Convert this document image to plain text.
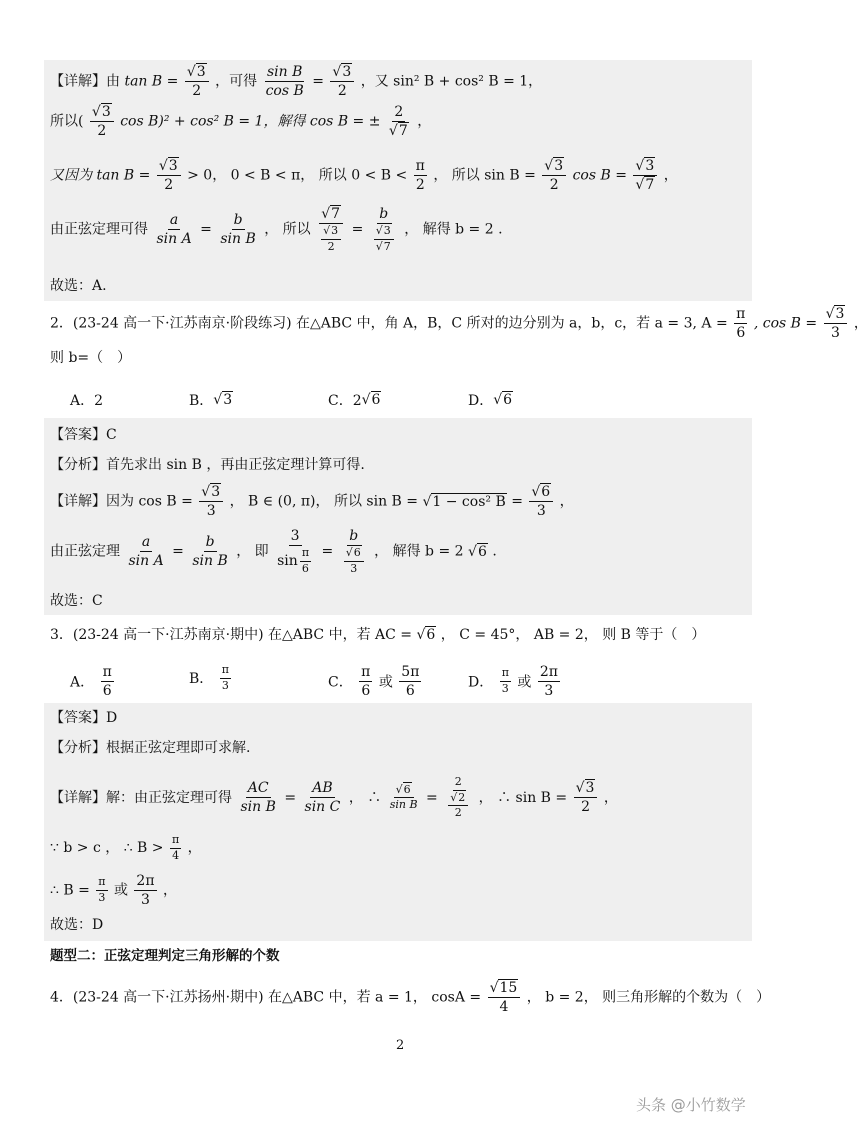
【详解】由 $\tan B = \frac{√3}{2}$ ，可得 $\frac{\text{sin B}}{\text{cos B}} = \frac{√3}{2}$ ，又 sin² B + cos² B = 1，
所以( $\frac{√3}{2}$ cos B)² + cos² B = 1，解得 cos B = ± $\frac{2}{√7}$ ，
又因为 $\tan B = \frac{√3}{2} > 0$， 0 < B < π， 所以 $0 < B < \frac{\pi}{2}$ ， 所以 $\sin B = \frac{√3}{2}$ $\cos B = \frac{√3}{√7}$ ，
由正弦定理可得 $\frac{a}{\text{sin A}} = \frac{b}{\text{sin B}}$ ， 所以 $\frac{√7}{\frac{√3}{2}} = \frac{b}{\frac{√3}{√7}}$ ， 解得 b = 2 .
故选：A.
2．(23-24 高一下·江苏南京·阶段练习) 在△ABC 中，角 A，B，C 所对的边分别为 a，b，c，若 a = 3, $A = \frac{\pi}{6}$ , $\cos B = \frac{√3}{3}$ ，
则 b=（　）
A．2	B．√3	C．2√6	D．√6
【答案】C
【分析】首先求出 sin B ，再由正弦定理计算可得.
【详解】因为 $\cos B = \frac{√3}{3}$ ， B ∈ (0, π)， 所以 sin B = √1 − cos² $B = \frac{√6}{3}$ ，
由正弦定理 $\frac{a}{\text{sin A}} = \frac{b}{\text{sin B}}$ ， 即 $\frac{3}{\sin \frac{\pi}{6}} = \frac{b}{\frac{√6}{3}}$ ， 解得 b = 2 √6 .
故选：C
3．(23-24 高一下·江苏南京·期中) 在△ABC 中，若 AC = √6 ， C = 45°， AB = 2， 则 B 等于（　）
A． $\frac{\pi}{6}$	B． $\frac{\pi}{3}$	C． $\frac{\pi}{6}$ 或 $\frac{5\pi}{6}$	D． $\frac{\pi}{3}$ 或 $\frac{2\pi}{3}$
【答案】D
【分析】根据正弦定理即可求解.
【详解】解：由正弦定理可得 $\frac{AC}{\text{sin B}} = \frac{AB}{\text{sin C}}$ ， ∴ $\frac{√6}{\text{sin B}} = \frac{2}{\frac{√2}{2}}$ ， ∴ $\sin B = \frac{√3}{2}$ ，
∵ b > c ， ∴ $B > \frac{\pi}{4}$ ，
∴ $B = \frac{\pi}{3}$ 或 $\frac{2\pi}{3}$ ，
故选：D
题型二：正弦定理判定三角形解的个数
4．(23-24 高一下·江苏扬州·期中) 在△ABC 中，若 a = 1， $\cos A = \frac{√15}{4}$ ， b = 2， 则三角形解的个数为（　）
2
头条 @小竹数学
